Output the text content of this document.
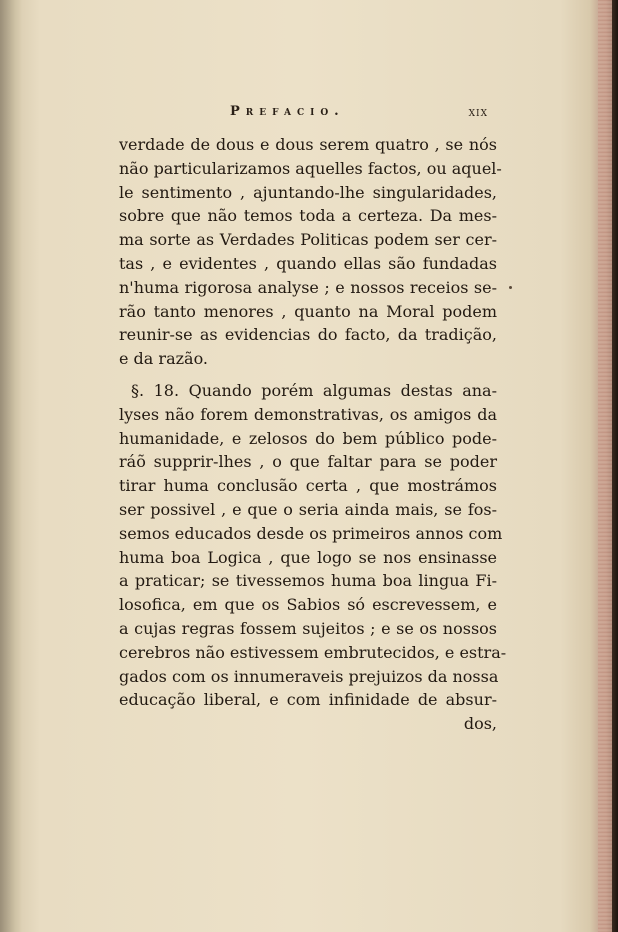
Prefacio.	xix
verdade de dous e dous serem quatro , se nós
não particularizamos aquelles factos, ou aquel-
le sentimento , ajuntando-lhe singularidades,
sobre que não temos toda a certeza. Da mes-
ma sorte as Verdades Politicas podem ser cer-
tas , e evidentes , quando ellas são fundadas
n'huma rigorosa analyse ; e nossos receios se-
rão tanto menores , quanto na Moral podem
reunir-se as evidencias do facto, da tradição,
e da razão.
§. 18. Quando porém algumas destas ana-
lyses não forem demonstrativas, os amigos da
humanidade, e zelosos do bem público pode-
ráõ supprir-lhes , o que faltar para se poder
tirar huma conclusão certa , que mostrámos
ser possivel , e que o seria ainda mais, se fos-
semos educados desde os primeiros annos com
huma boa Logica , que logo se nos ensinasse
a praticar; se tivessemos huma boa lingua Fi-
losofica, em que os Sabios só escrevessem, e
a cujas regras fossem sujeitos ; e se os nossos
cerebros não estivessem embrutecidos, e estra-
gados com os innumeraveis prejuizos da nossa
educação liberal, e com infinidade de absur-
dos,
